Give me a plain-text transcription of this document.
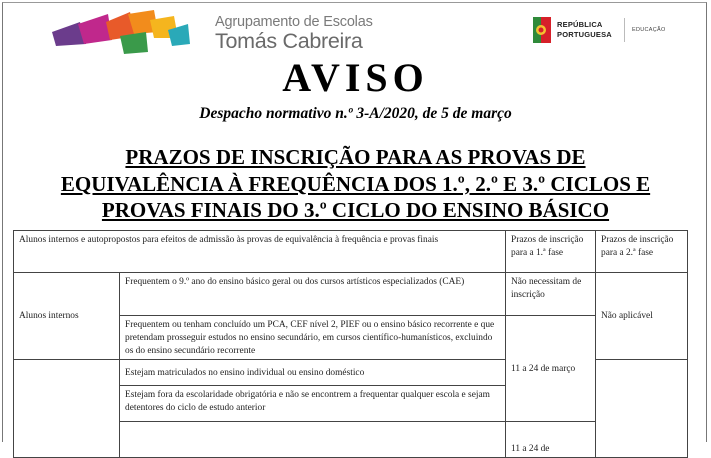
Agrupamento de Escolas
Tomás Cabreira
REPÚBLICA
PORTUGUESA	EDUCAÇÃO
AVISO
Despacho normativo n.º 3-A/2020, de 5 de março
PRAZOS DE INSCRIÇÃO PARA AS PROVAS DE
EQUIVALÊNCIA À FREQUÊNCIA DOS 1.º, 2.º E 3.º CICLOS E
PROVAS FINAIS DO 3.º CICLO DO ENSINO BÁSICO
Alunos internos e autopropostos para efeitos de admissão às provas de equivalência à frequência e provas finais		Prazos de inscrição para a 1.ª fase	Prazos de inscrição para a 2.ª fase
Alunos internos	Frequentem o 9.º ano do ensino básico geral ou dos cursos artísticos especializados (CAE)	Não necessitam de inscrição	Não aplicável
	Frequentem ou tenham concluído um PCA, CEF nível 2, PIEF ou o ensino básico recorrente e que pretendam prosseguir estudos no ensino secundário, em cursos científico-humanísticos, excluindo os do ensino secundário recorrente	11 a 24 de março	
	Estejam matriculados no ensino individual ou ensino doméstico		
	Estejam fora da escolaridade obrigatória e não se encontrem a frequentar qualquer escola e sejam detentores do ciclo de estudo anterior		
		11 a 24 de	
